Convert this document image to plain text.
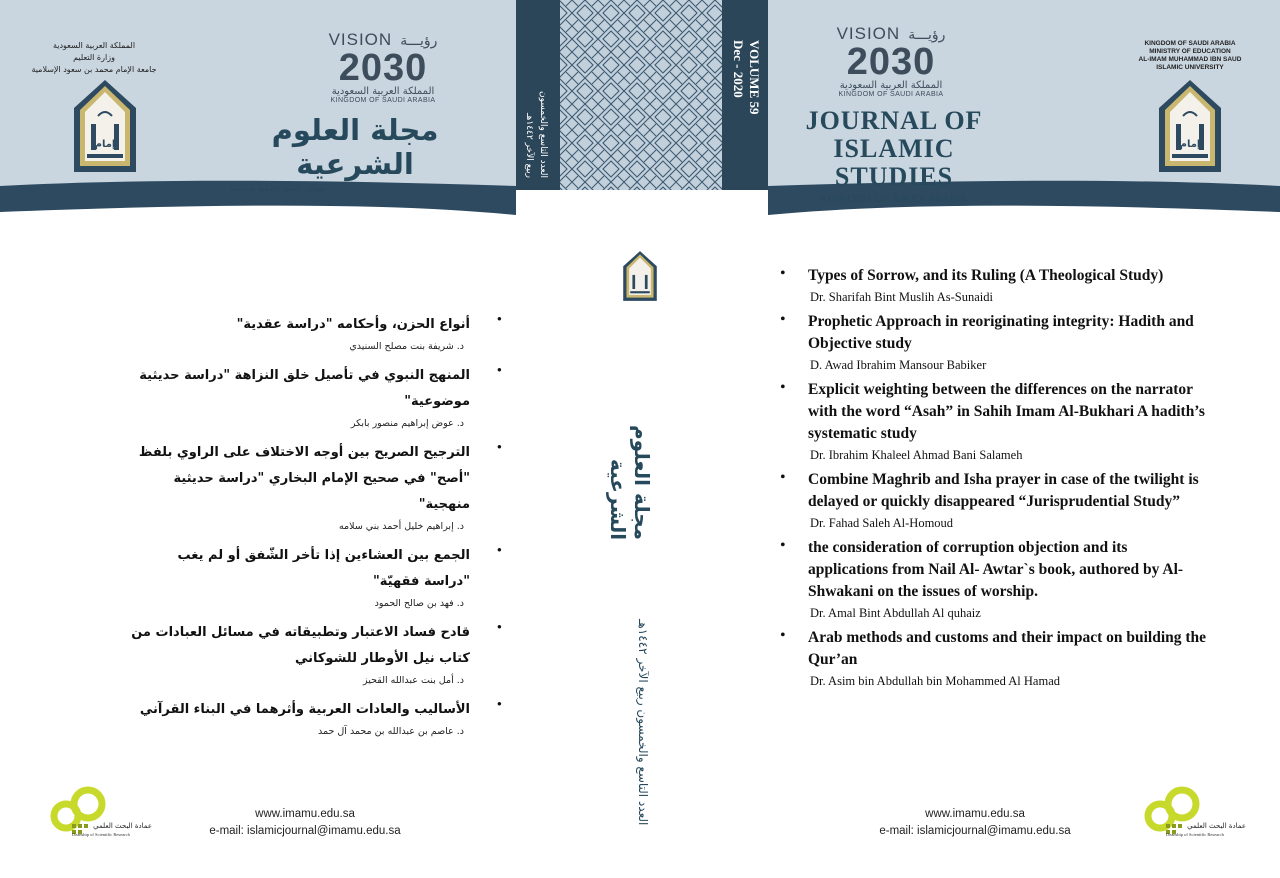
المملكة العربية السعودية
وزارة التعليم
جامعة الإمام محمد بن سعود الإسلامية
إمام
VISION رؤيـــة
2030
المملكة العربية السعودية
KINGDOM OF SAUDI ARABIA
مجلة العلوم الشرعية
مجلة علمية فصلية محكمة
العدد التاسع والخمسون
ربيع الآخر ١٤٤٢هـ
VOLUME 59
Dec - 2020
VISION رؤيـــة
2030
المملكة العربية السعودية
KINGDOM OF SAUDI ARABIA
JOURNAL OF
ISLAMIC STUDIES
KINGDOM OF SAUDI ARABIA
KINGDOM OF SAUDI ARABIA
MINISTRY OF EDUCATION
AL-IMAM MUHAMMAD IBN SAUD
ISLAMIC UNIVERSITY
إمام
مجلة العلوم الشرعية
العدد التاسع والخمسون ربيع الآخر ١٤٤٢هـ
• Types of Sorrow, and its Ruling (A Theological Study)
Dr. Sharifah Bint Muslih As-Sunaidi
• Prophetic Approach in reoriginating integrity: Hadith and Objective study
D. Awad Ibrahim Mansour Babiker
• Explicit weighting between the differences on the narrator with the word “Asah” in Sahih Imam Al-Bukhari A hadith’s systematic study
Dr. Ibrahim Khaleel Ahmad Bani Salameh
• Combine Maghrib and Isha prayer in case of the twilight is delayed or quickly disappeared “Jurisprudential Study”
Dr. Fahad Saleh Al-Homoud
• the consideration of corruption objection and its applications from Nail Al- Awtar`s book, authored by Al-Shwakani on the issues of worship.
Dr. Amal Bint Abdullah Al quhaiz
• Arab methods and customs and their impact on building the Qur’an
Dr. Asim bin Abdullah bin Mohammed Al Hamad
•
أنواع الحزن، وأحكامه "دراسة عقدية"
د. شريفة بنت مصلح السنيدي
•
المنهج النبوي في تأصيل خلق النزاهة "دراسة حديثية موضوعية"
د. عوض إبراهيم منصور بابكر
•
الترجيح الصريح بين أوجه الاختلاف على الراوي بلفظ "أصح" في صحيح الإمام البخاري "دراسة حديثية منهجية"
د. إبراهيم خليل أحمد بني سلامه
•
الجمع بين العشاءين إذا تأخر الشّفق أو لم يغب "دراسة فقهيّة"
د. فهد بن صالح الحمود
•
قادح فساد الاعتبار وتطبيقاته في مسائل العبادات من كتاب نيل الأوطار للشوكاني
د. أمل بنت عبدالله القحيز
•
الأساليب والعادات العربية وأثرهما في البناء القرآني
د. عاصم بن عبدالله بن محمد آل حمد
عمادة البحث العلمي
Deanship of Scientific Research
www.imamu.edu.sa
e-mail: islamicjournal@imamu.edu.sa
www.imamu.edu.sa
e-mail: islamicjournal@imamu.edu.sa	عمادة البحث العلمي
Deanship of Scientific Research
